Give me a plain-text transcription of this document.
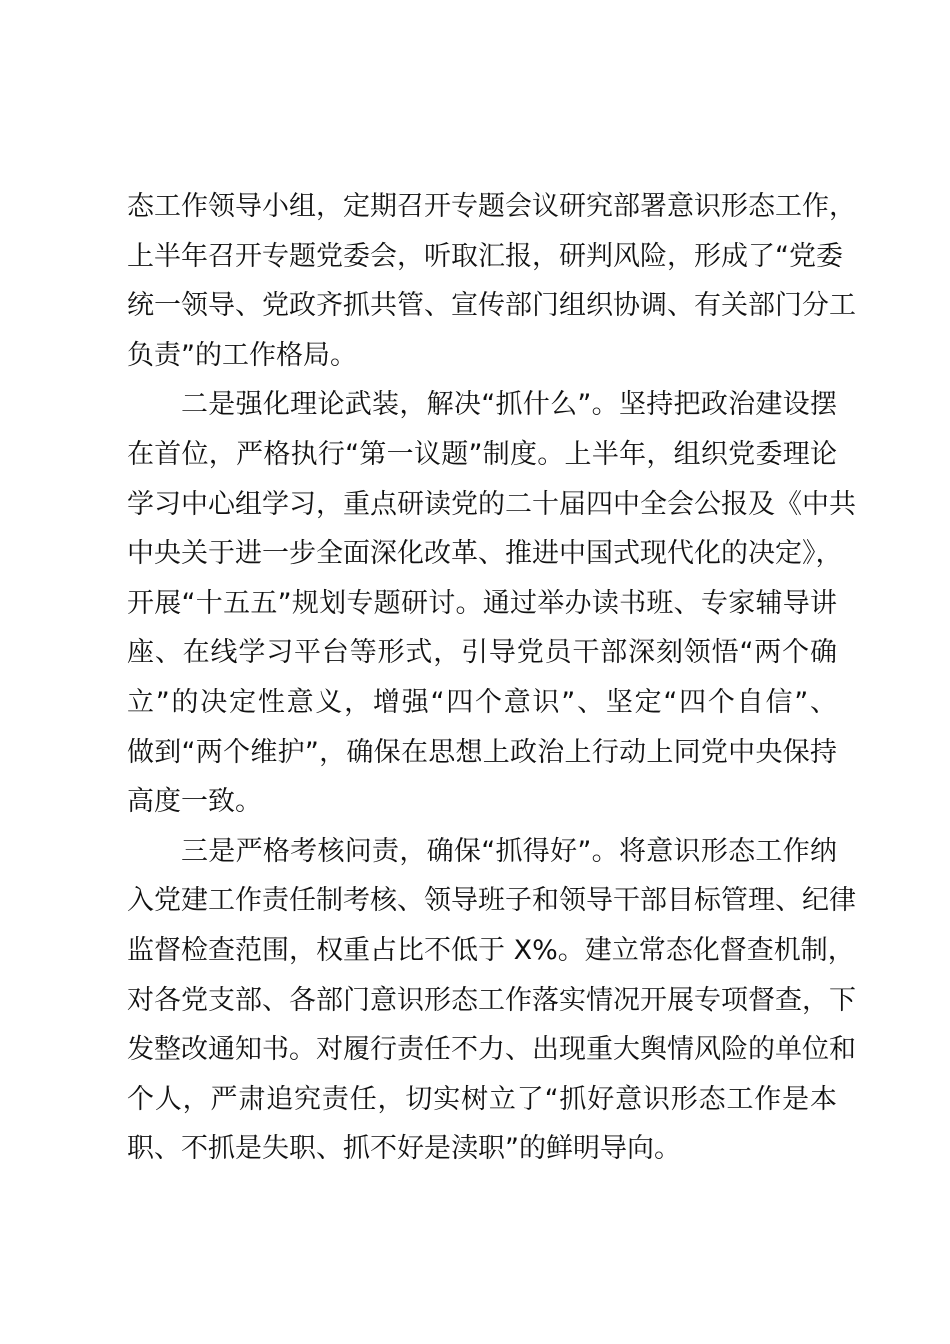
态工作领导小组，定期召开专题会议研究部署意识形态工作，
上半年召开专题党委会，听取汇报，研判风险，形成了“党委
统一领导、党政齐抓共管、宣传部门组织协调、有关部门分工
负责”的工作格局。
二是强化理论武装，解决“抓什么”。坚持把政治建设摆
在首位，严格执行“第一议题”制度。上半年，组织党委理论
学习中心组学习，重点研读党的二十届四中全会公报及《中共
中央关于进一步全面深化改革、推进中国式现代化的决定》，
开展“十五五”规划专题研讨。通过举办读书班、专家辅导讲
座、在线学习平台等形式，引导党员干部深刻领悟“两个确
立”的决定性意义，增强“四个意识”、坚定“四个自信”、
做到“两个维护”，确保在思想上政治上行动上同党中央保持
高度一致。
三是严格考核问责，确保“抓得好”。将意识形态工作纳
入党建工作责任制考核、领导班子和领导干部目标管理、纪律
监督检查范围，权重占比不低于 X%。建立常态化督查机制，
对各党支部、各部门意识形态工作落实情况开展专项督查，下
发整改通知书。对履行责任不力、出现重大舆情风险的单位和
个人，严肃追究责任，切实树立了“抓好意识形态工作是本
职、不抓是失职、抓不好是渎职”的鲜明导向。
